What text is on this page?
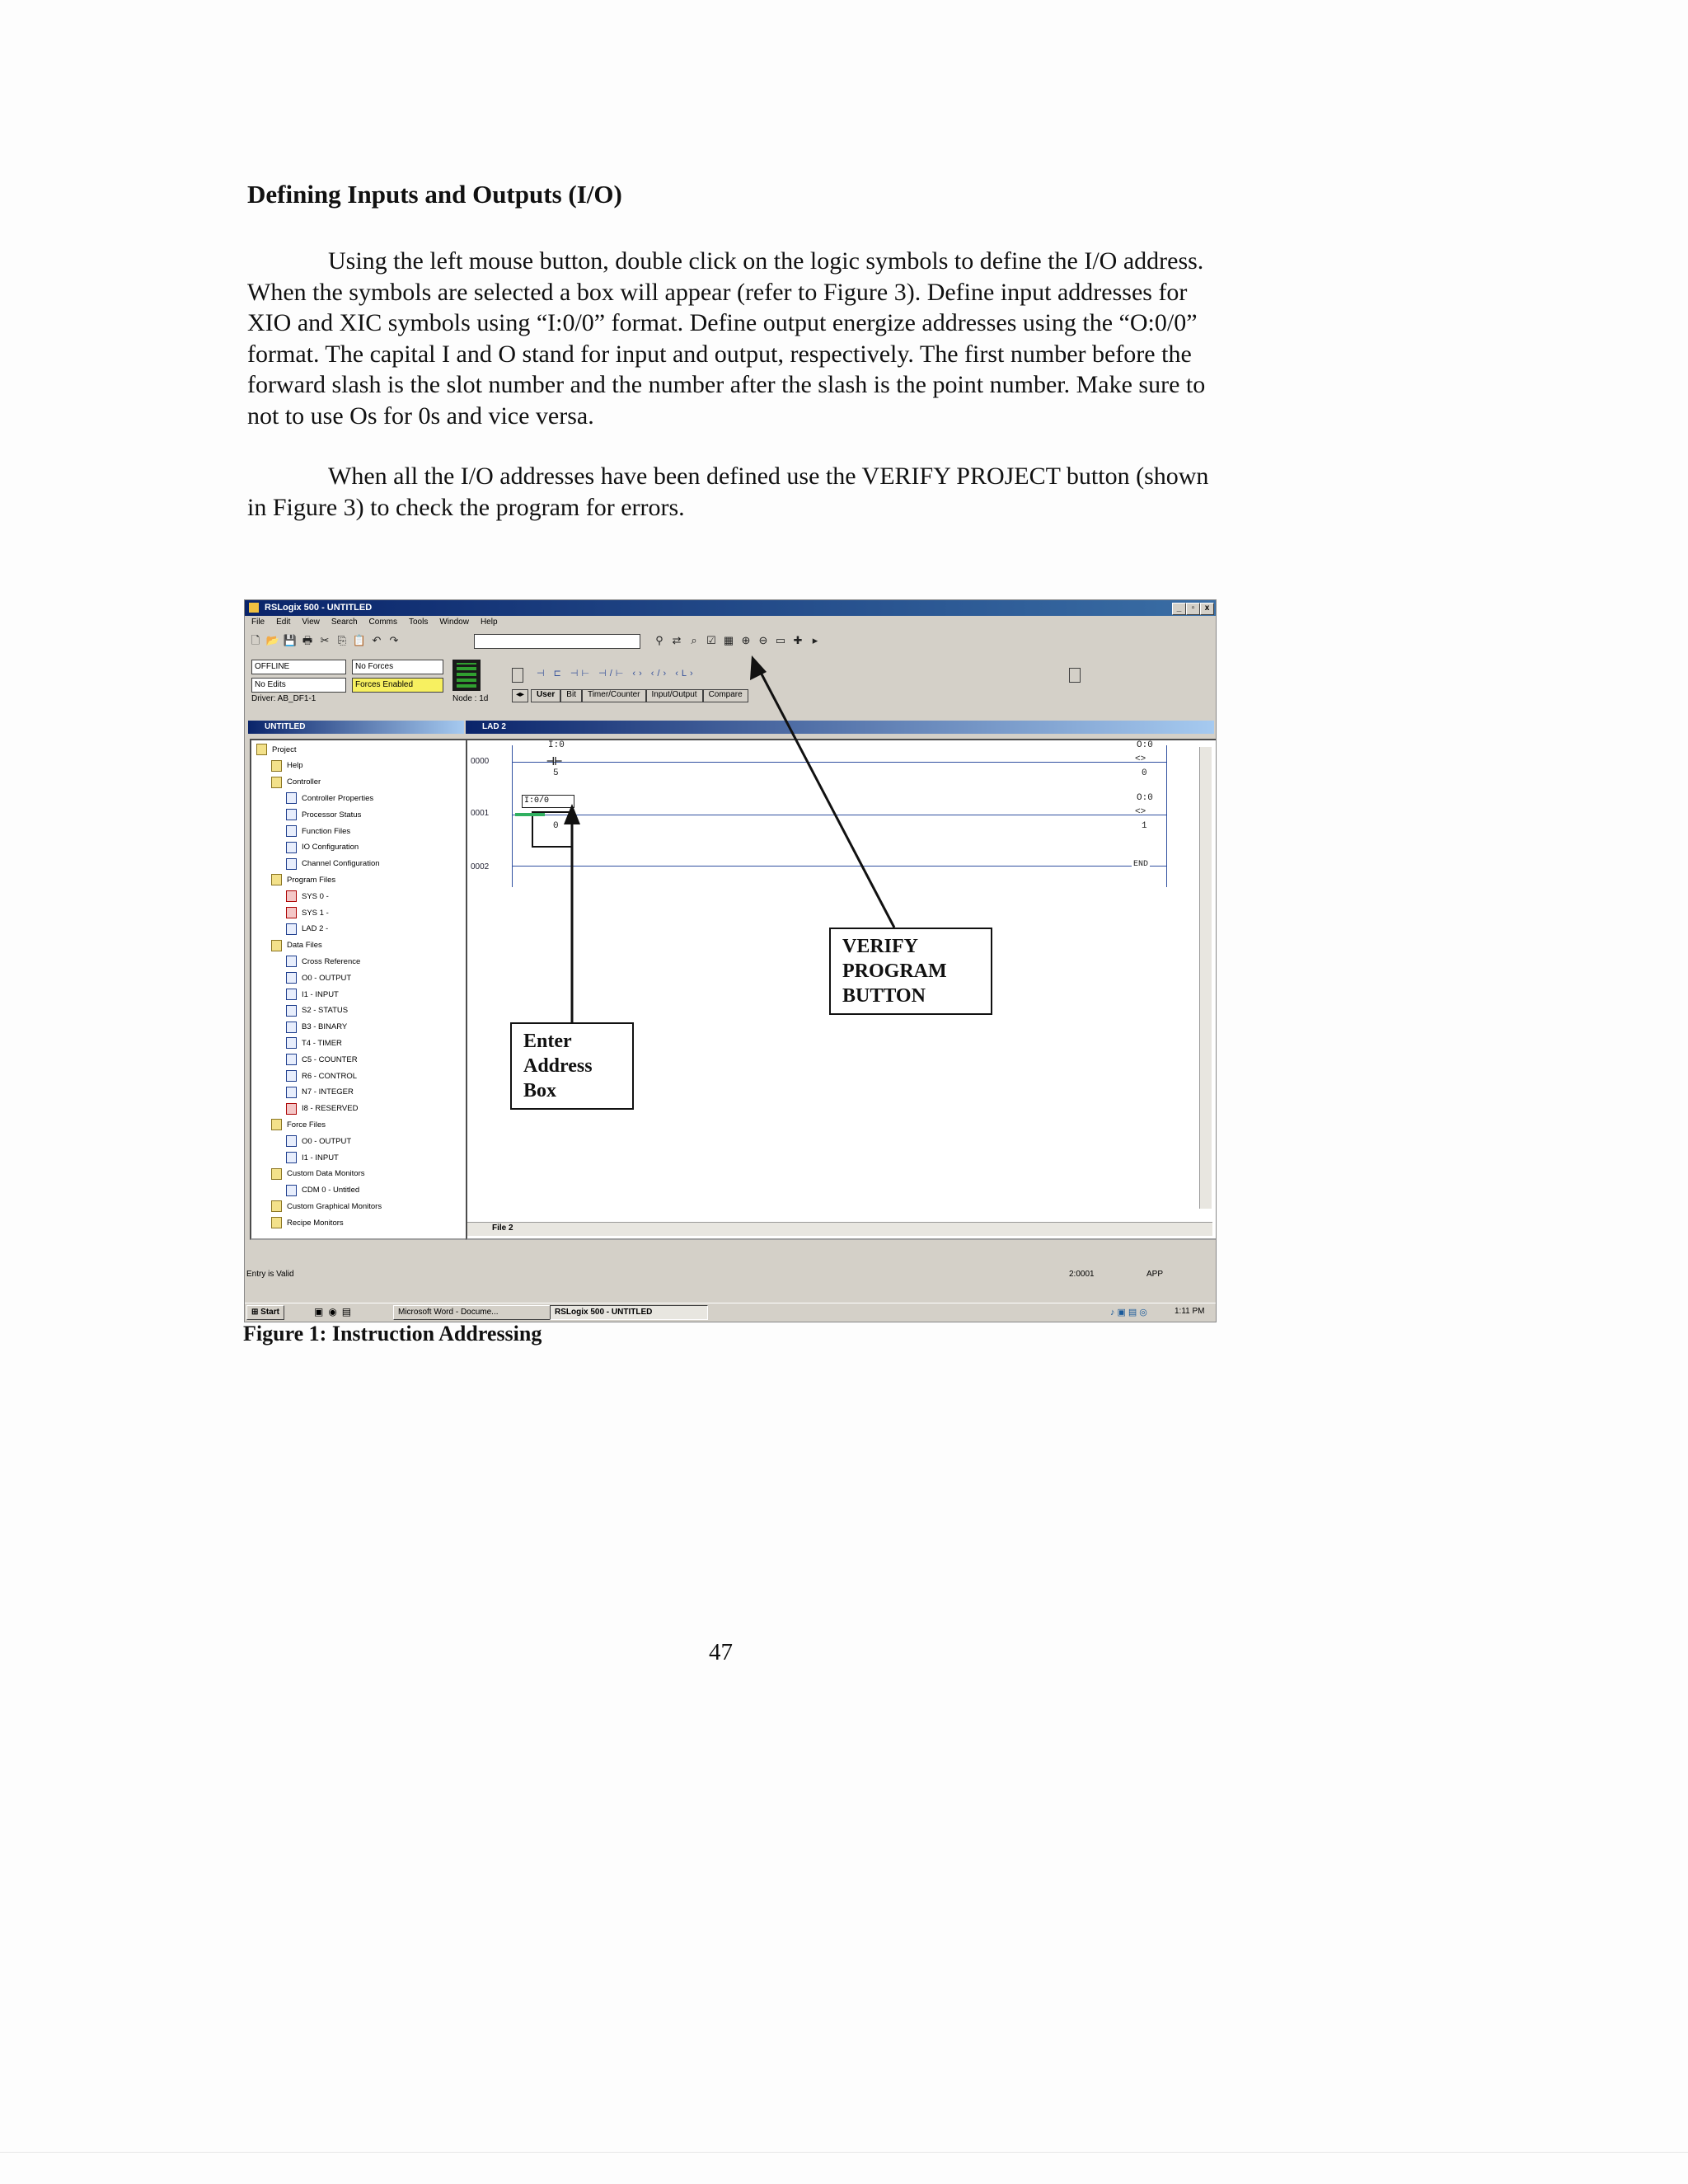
Defining Inputs and Outputs (I/O)
Using the left mouse button, double click on the logic symbols to define the I/O address. When the symbols are selected a box will appear (refer to Figure 3). Define input addresses for XIO and XIC symbols using “I:0/0” format. Define output energize addresses using the “O:0/0” format. The capital I and O stand for input and output, respectively. The first number before the forward slash is the slot number and the number after the slash is the point number. Make sure to not to use Os for 0s and vice versa.
When all the I/O addresses have been defined use the VERIFY PROJECT button (shown in Figure 3) to check the program for errors.
RSLogix 500 - UNTITLED	_	▫	x
File Edit View Search Comms Tools Window Help
🗋 📂 💾 🖶 ✂ ⎘ 📋 ↶ ↷	⚲ ⇄ ⌕ ☑ ▦ ⊕ ⊖ ▭ ✚ ▸
OFFLINE	No Forces
No Edits	Forces Enabled
Driver: AB_DF1-1	Node : 1d
⊣ ⊏ ⊣⊢ ⊣/⊢ ‹› ‹/› ‹L›
◂▸	User	Bit	Timer/Counter	Input/Output	Compare
UNTITLED
Project
Help
Controller
Controller Properties
Processor Status
Function Files
IO Configuration
Channel Configuration
Program Files
SYS 0 -
SYS 1 -
LAD 2 -
Data Files
Cross Reference
O0 - OUTPUT
I1 - INPUT
S2 - STATUS
B3 - BINARY
T4 - TIMER
C5 - COUNTER
R6 - CONTROL
N7 - INTEGER
I8 - RESERVED
Force Files
O0 - OUTPUT
I1 - INPUT
Custom Data Monitors
CDM 0 - Untitled
Custom Graphical Monitors
Recipe Monitors
LAD 2
0000
0001
0002
I:0
⊣⊢
5
O:0
<>
0
I:0/0
0
O:0
<>
1
END
File 2
Entry is Valid	2:0001	APP
⊞ Start	▣◉▤	Microsoft Word - Docume...	RSLogix 500 - UNTITLED	♪▣▤◎	1:11 PM
VERIFY
PROGRAM
BUTTON
Enter
Address
Box
Figure 1: Instruction Addressing
47
